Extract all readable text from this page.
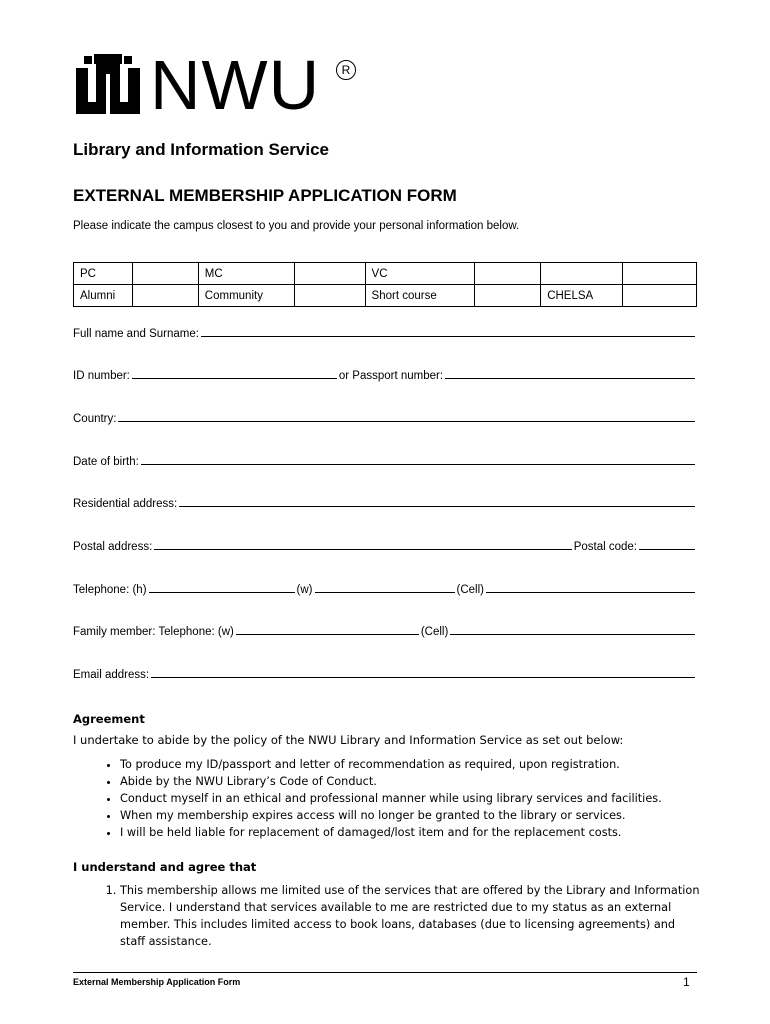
NWU	R
Library and Information Service
EXTERNAL MEMBERSHIP APPLICATION FORM
Please indicate the campus closest to you and provide your personal information below.
PC		MC		VC			
Alumni		Community		Short course		CHELSA	
Full name and Surname:
ID number:	or Passport number:
Country:
Date of birth:
Residential address:
Postal address:	Postal code:
Telephone: (h)	(w)	(Cell)
Family member: Telephone: (w)	(Cell)
Email address:
Agreement
I undertake to abide by the policy of the NWU Library and Information Service as set out below:
• To produce my ID/passport and letter of recommendation as required, upon registration.
• Abide by the NWU Library’s Code of Conduct.
• Conduct myself in an ethical and professional manner while using library services and facilities.
• When my membership expires access will no longer be granted to the library or services.
• I will be held liable for replacement of damaged/lost item and for the replacement costs.
I understand and agree that
1. This membership allows me limited use of the services that are offered by the Library and Information Service. I understand that services available to me are restricted due to my status as an external member. This includes limited access to book loans, databases (due to licensing agreements) and staff assistance.
External Membership Application Form	1
